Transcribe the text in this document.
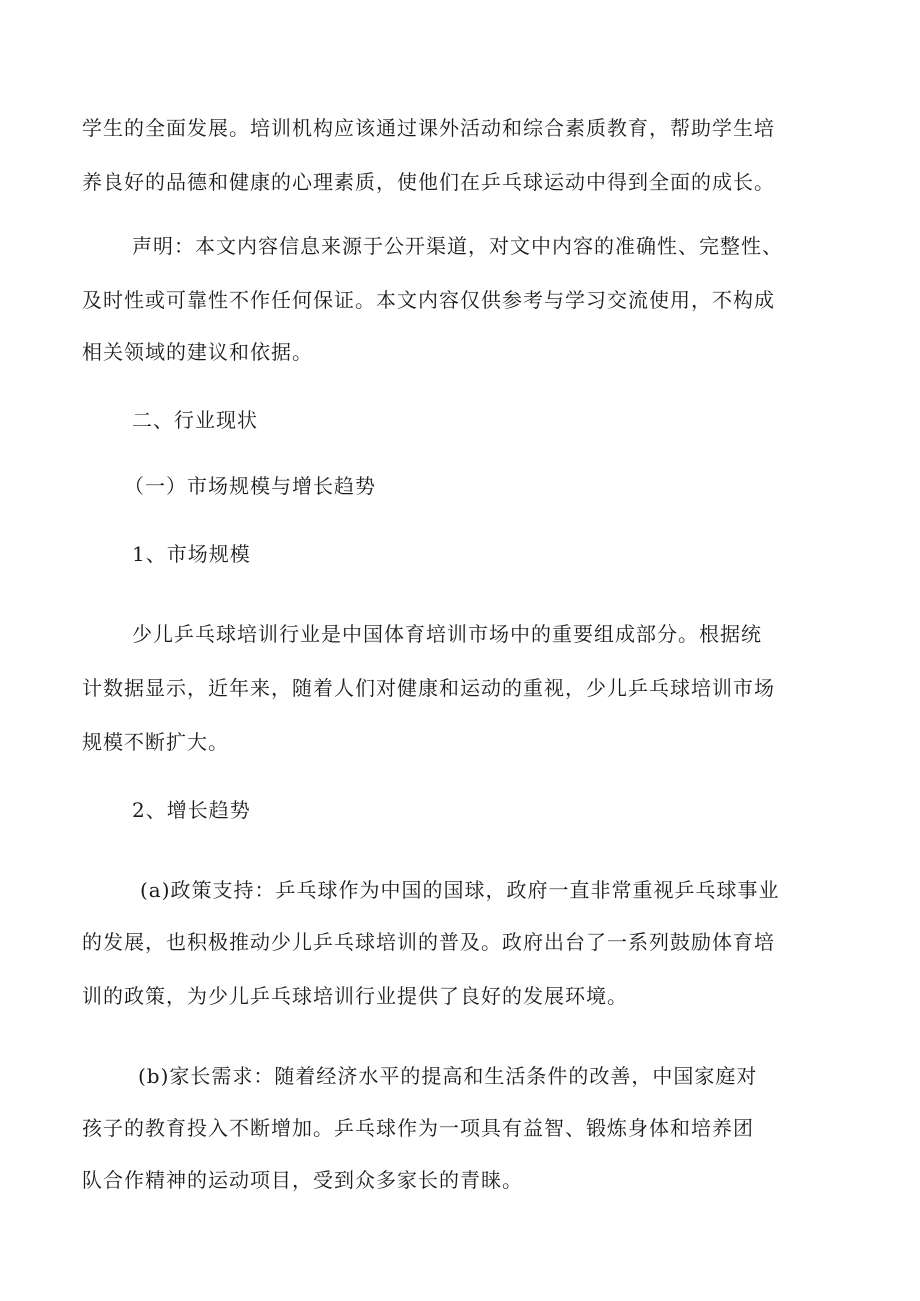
学生的全面发展。培训机构应该通过课外活动和综合素质教育，帮助学生培
养良好的品德和健康的心理素质，使他们在乒乓球运动中得到全面的成长。
声明：本文内容信息来源于公开渠道，对文中内容的准确性、完整性、
及时性或可靠性不作任何保证。本文内容仅供参考与学习交流使用，不构成
相关领域的建议和依据。
二、行业现状
（一）市场规模与增长趋势
1、市场规模
少儿乒乓球培训行业是中国体育培训市场中的重要组成部分。根据统
计数据显示，近年来，随着人们对健康和运动的重视，少儿乒乓球培训市场
规模不断扩大。
2、增长趋势
(a)政策支持：乒乓球作为中国的国球，政府一直非常重视乒乓球事业
的发展，也积极推动少儿乒乓球培训的普及。政府出台了一系列鼓励体育培
训的政策，为少儿乒乓球培训行业提供了良好的发展环境。
(b)家长需求：随着经济水平的提高和生活条件的改善，中国家庭对
孩子的教育投入不断增加。乒乓球作为一项具有益智、锻炼身体和培养团
队合作精神的运动项目，受到众多家长的青睐。
